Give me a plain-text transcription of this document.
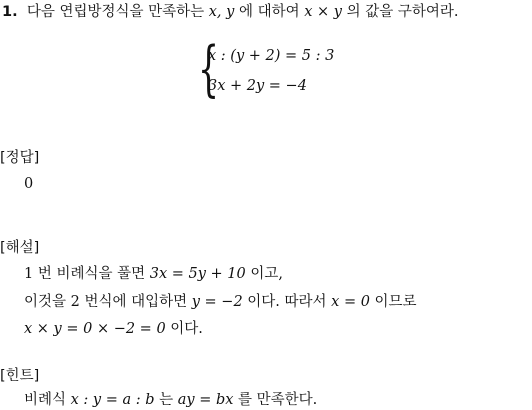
1. 다음 연립방정식을 만족하는 x, y 에 대하여 x × y 의 값을 구하여라.
{
x : (y + 2) = 5 : 3
3x + 2y = −4
[정답]
0
[해설]
1 번 비례식을 풀면 3x = 5y + 10 이고,
이것을 2 번식에 대입하면 y = −2 이다. 따라서 x = 0 이므로
x × y = 0 × −2 = 0 이다.
[힌트]
비례식 x : y = a : b 는 ay = bx 를 만족한다.
